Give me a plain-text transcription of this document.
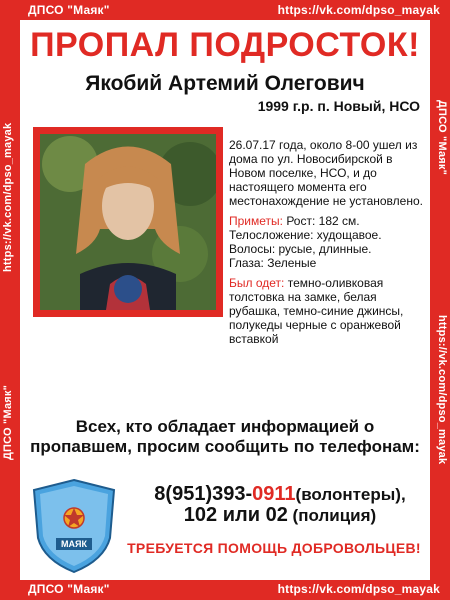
ДПСО "Маяк"	https://vk.com/dpso_mayak
ДПСО "Маяк"	https://vk.com/dpso_mayak
https://vk.com/dpso_mayak
ДПСО "Маяк"
ДПСО "Маяк"
https://vk.com/dpso_mayak
ПРОПАЛ ПОДРОСТОК!
Якобий Артемий Олегович
1999 г.р. п. Новый, НСО

26.07.17 года, около 8-00 ушел из дома по ул. Новосибирской в Новом поселке, НСО, и до настоящего момента его местонахождение не установлено.

Приметы: Рост: 182 см.

Телосложение: худощавое.

Волосы: русые, длинные.

Глаза: Зеленые

Был одет: темно-оливковая толстовка на замке, белая рубашка, темно-синие джинсы, полукеды черные с оранжевой вставкой

Всех, кто обладает информацией о
пропавшем, просим сообщить по телефонам:
8(951)393-0911(волонтеры),
102 или 02 (полиция)
ТРЕБУЕТСЯ ПОМОЩЬ ДОБРОВОЛЬЦЕВ!
МАЯК
